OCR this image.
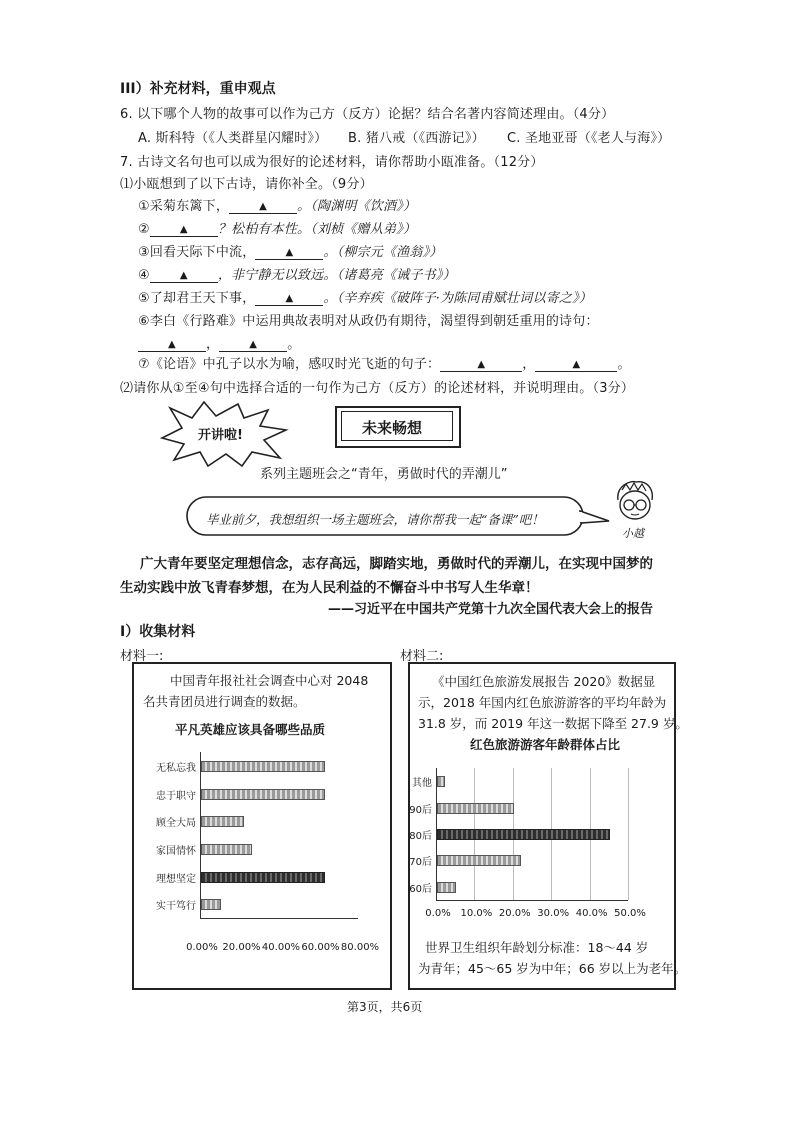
III）补充材料，重申观点
6. 以下哪个人物的故事可以作为己方（反方）论据？结合名著内容简述理由。（4分）
A. 斯科特（《人类群星闪耀时》） B. 猪八戒（《西游记》） C. 圣地亚哥（《老人与海》）
7. 古诗文名句也可以成为很好的论述材料，请你帮助小瓯准备。（12分）
⑴小瓯想到了以下古诗，请你补全。（9分）
①采菊东篱下，	▲ 。（陶渊明《饮酒》）
②	▲ ？松柏有本性。（刘桢《赠从弟》）
③回看天际下中流，	▲ 。（柳宗元《渔翁》）
④	▲ ，非宁静无以致远。（诸葛亮《诫子书》）
⑤了却君王天下事，	▲ 。（辛弃疾《破阵子·为陈同甫赋壮词以寄之》）
⑥李白《行路难》中运用典故表明对从政仍有期待，渴望得到朝廷重用的诗句：
▲ ，	▲ 。
⑦《论语》中孔子以水为喻，感叹时光飞逝的句子：	▲	，	▲	。
⑵请你从①至④句中选择合适的一句作为己方（反方）的论述材料，并说明理由。（3分）
开讲啦!	未来畅想
系列主题班会之“青年，勇做时代的弄潮儿”
毕业前夕，我想组织一场主题班会，请你帮我一起“备课”吧！
小越
广大青年要坚定理想信念，志存高远，脚踏实地，勇做时代的弄潮儿，在实现中国梦的
生动实践中放飞青春梦想，在为人民利益的不懈奋斗中书写人生华章！
——习近平在中国共产党第十九次全国代表大会上的报告
I）收集材料
材料一:	材料二:
中国青年报社社会调查中心对 2048
名共青团员进行调查的数据。
平凡英雄应该具备哪些品质
无私忘我
忠于职守
顾全大局
家国情怀
理想坚定
实干笃行
0.00% 20.00% 40.00% 60.00% 80.00%
《中国红色旅游发展报告 2020》数据显
示，2018 年国内红色旅游游客的平均年龄为
31.8 岁，而 2019 年这一数据下降至 27.9 岁。
红色旅游游客年龄群体占比
其他
90后
80后
70后
60后
0.0% 10.0% 20.0% 30.0% 40.0% 50.0%
世界卫生组织年龄划分标准：18～44 岁
为青年；45～65 岁为中年；66 岁以上为老年。
第3页，共6页
